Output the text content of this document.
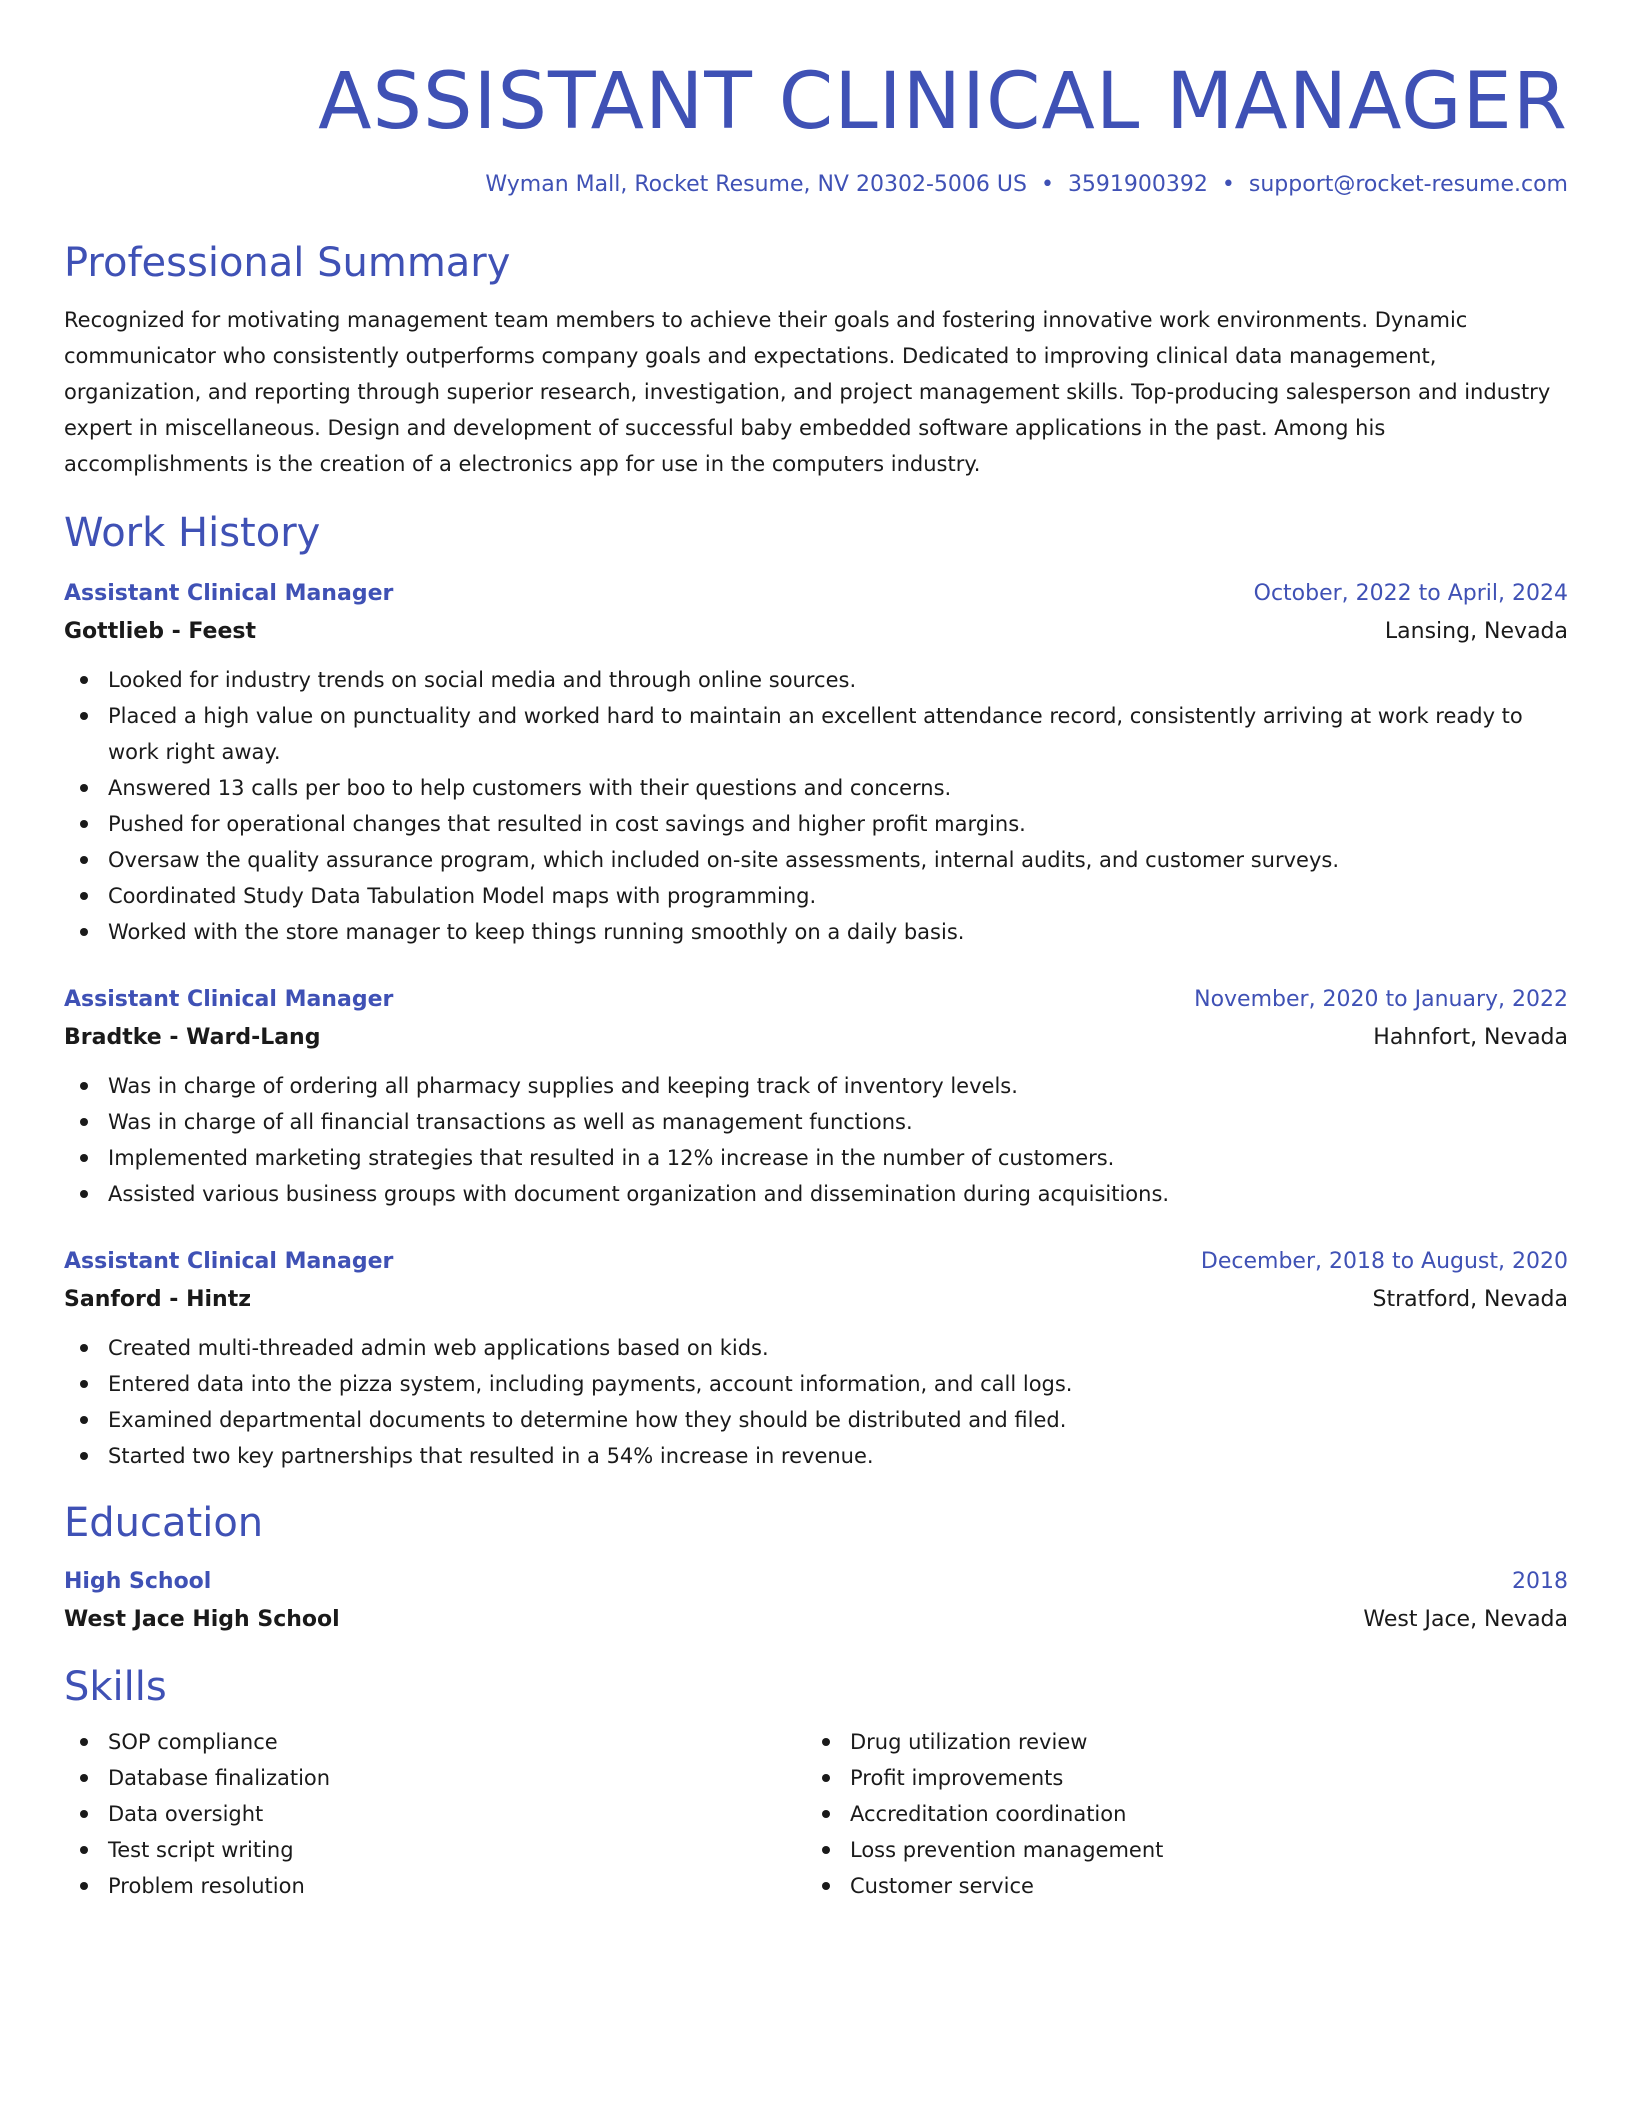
ASSISTANT CLINICAL MANAGER
Wyman Mall, Rocket Resume, NV 20302-5006 US • 3591900392 • support@rocket-resume.com
Professional Summary
Recognized for motivating management team members to achieve their goals and fostering innovative work environments. Dynamic communicator who consistently outperforms company goals and expectations. Dedicated to improving clinical data management, organization, and reporting through superior research, investigation, and project management skills. Top-producing salesperson and industry expert in miscellaneous. Design and development of successful baby embedded software applications in the past. Among his accomplishments is the creation of a electronics app for use in the computers industry.
Work History
Assistant Clinical Manager	October, 2022 to April, 2024
Gottlieb - Feest	Lansing, Nevada
Looked for industry trends on social media and through online sources.
Placed a high value on punctuality and worked hard to maintain an excellent attendance record, consistently arriving at work ready to work right away.
Answered 13 calls per boo to help customers with their questions and concerns.
Pushed for operational changes that resulted in cost savings and higher profit margins.
Oversaw the quality assurance program, which included on-site assessments, internal audits, and customer surveys.
Coordinated Study Data Tabulation Model maps with programming.
Worked with the store manager to keep things running smoothly on a daily basis.
Assistant Clinical Manager	November, 2020 to January, 2022
Bradtke - Ward-Lang	Hahnfort, Nevada
Was in charge of ordering all pharmacy supplies and keeping track of inventory levels.
Was in charge of all financial transactions as well as management functions.
Implemented marketing strategies that resulted in a 12% increase in the number of customers.
Assisted various business groups with document organization and dissemination during acquisitions.
Assistant Clinical Manager	December, 2018 to August, 2020
Sanford - Hintz	Stratford, Nevada
Created multi-threaded admin web applications based on kids.
Entered data into the pizza system, including payments, account information, and call logs.
Examined departmental documents to determine how they should be distributed and filed.
Started two key partnerships that resulted in a 54% increase in revenue.
Education
High School	2018
West Jace High School	West Jace, Nevada
Skills
SOP compliance
Database finalization
Data oversight
Test script writing
Problem resolution
Drug utilization review
Profit improvements
Accreditation coordination
Loss prevention management
Customer service
